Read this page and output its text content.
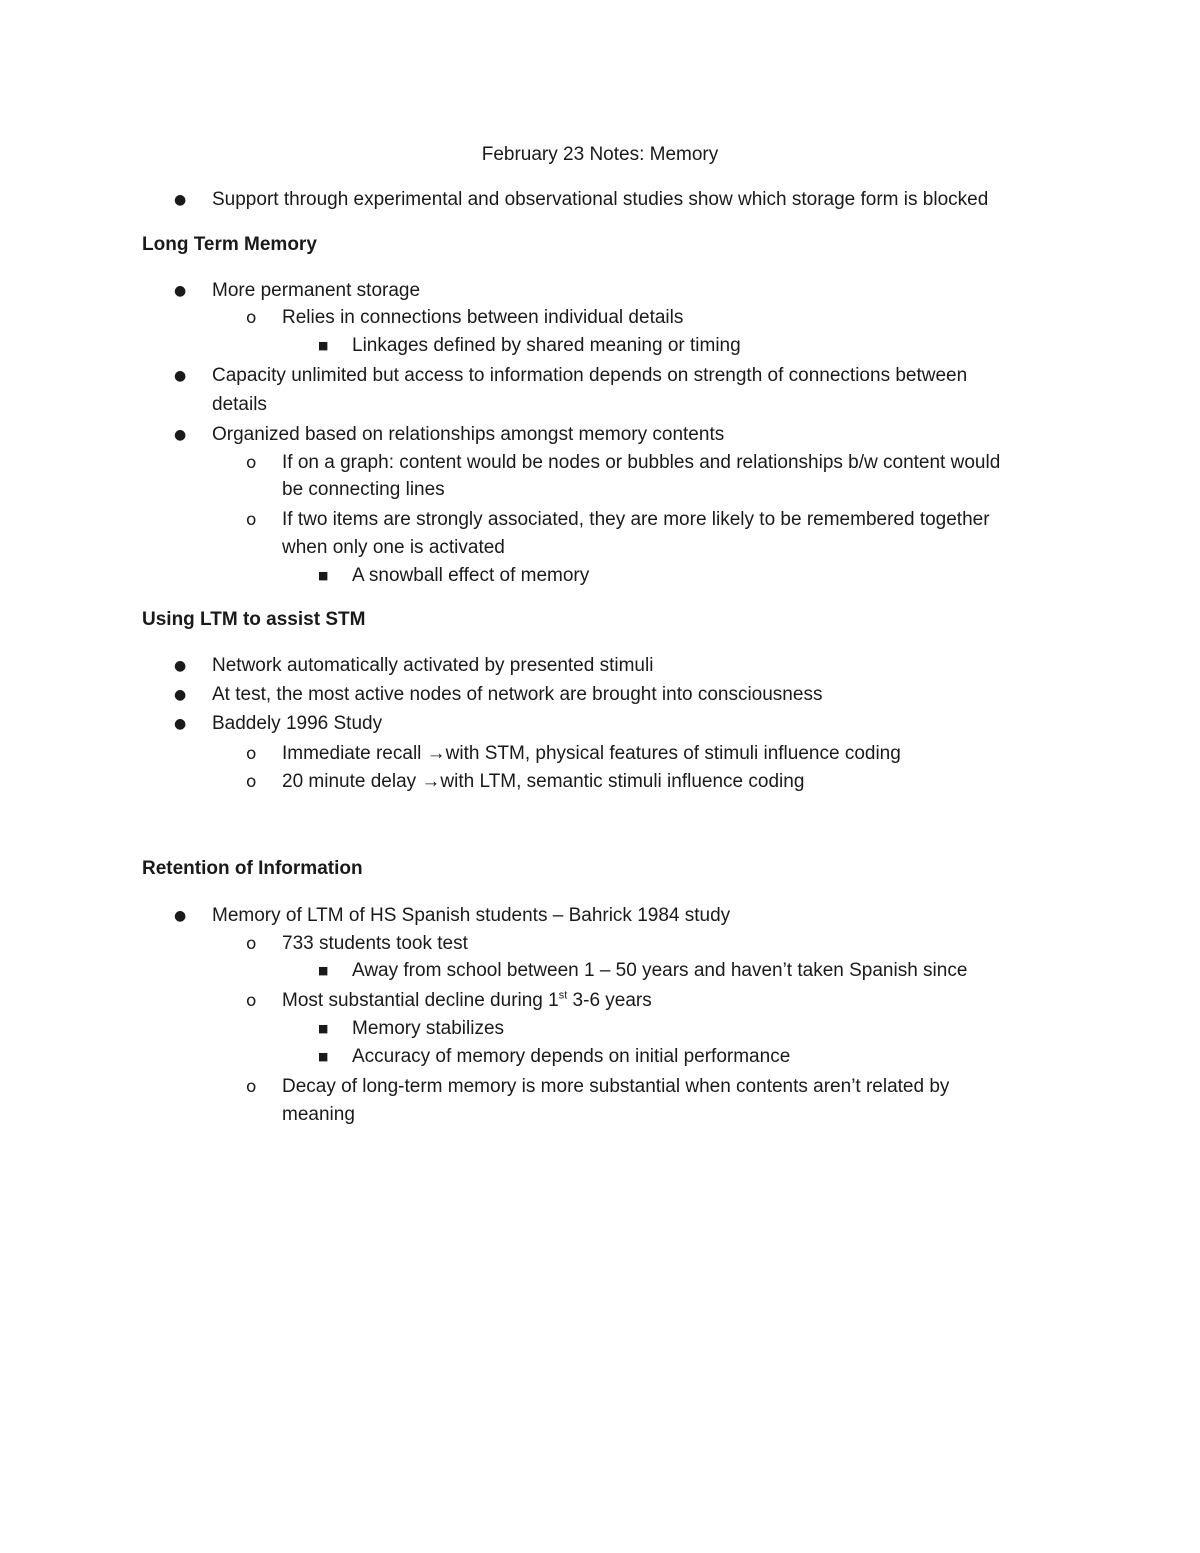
February 23 Notes: Memory
● Support through experimental and observational studies show which storage form is blocked
Long Term Memory
● More permanent storage
o Relies in connections between individual details
■ Linkages defined by shared meaning or timing
● Capacity unlimited but access to information depends on strength of connections between
details
● Organized based on relationships amongst memory contents
o If on a graph: content would be nodes or bubbles and relationships b/w content would
be connecting lines
o If two items are strongly associated, they are more likely to be remembered together
when only one is activated
■ A snowball effect of memory
Using LTM to assist STM
● Network automatically activated by presented stimuli
● At test, the most active nodes of network are brought into consciousness
● Baddely 1996 Study
o Immediate recall →with STM, physical features of stimuli influence coding
o 20 minute delay →with LTM, semantic stimuli influence coding
Retention of Information
● Memory of LTM of HS Spanish students – Bahrick 1984 study
o 733 students took test
■ Away from school between 1 – 50 years and haven’t taken Spanish since
o Most substantial decline during 1st 3-6 years
■ Memory stabilizes
■ Accuracy of memory depends on initial performance
o Decay of long-term memory is more substantial when contents aren’t related by
meaning
